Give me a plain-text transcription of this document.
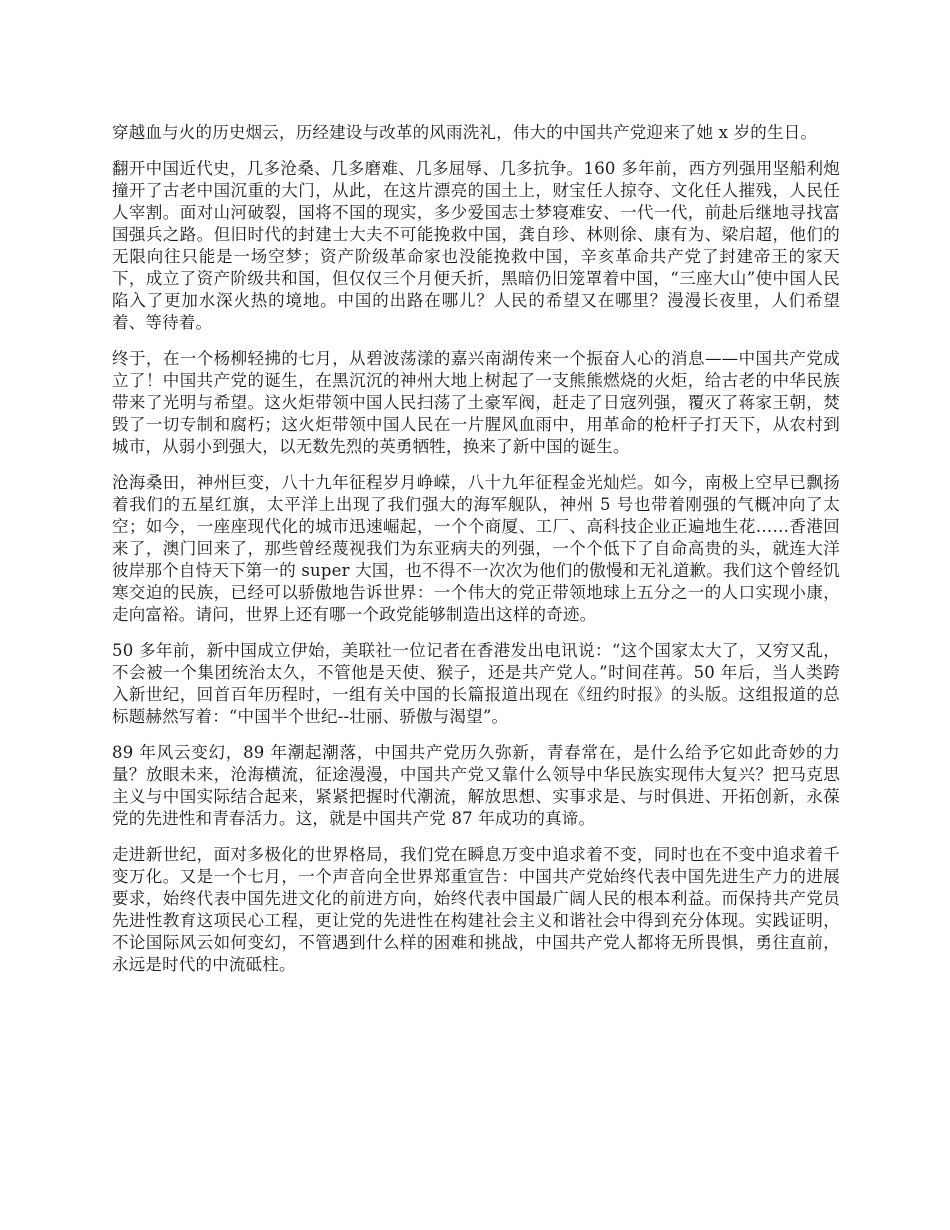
穿越血与火的历史烟云，历经建设与改革的风雨洗礼，伟大的中国共产党迎来了她 x 岁的生日。

翻开中国近代史，几多沧桑、几多磨难、几多屈辱、几多抗争。160 多年前，西方列强用坚船利炮撞开了古老中国沉重的大门，从此，在这片漂亮的国土上，财宝任人掠夺、文化任人摧残，人民任人宰割。面对山河破裂，国将不国的现实，多少爱国志士梦寝难安、一代一代，前赴后继地寻找富国强兵之路。但旧时代的封建士大夫不可能挽救中国，龚自珍、林则徐、康有为、梁启超，他们的无限向往只能是一场空梦；资产阶级革命家也没能挽救中国，辛亥革命共产党了封建帝王的家天下，成立了资产阶级共和国，但仅仅三个月便夭折，黑暗仍旧笼罩着中国，“三座大山”使中国人民陷入了更加水深火热的境地。中国的出路在哪儿？人民的希望又在哪里？漫漫长夜里，人们希望着、等待着。

终于，在一个杨柳轻拂的七月，从碧波荡漾的嘉兴南湖传来一个振奋人心的消息——中国共产党成立了！中国共产党的诞生，在黑沉沉的神州大地上树起了一支熊熊燃烧的火炬，给古老的中华民族带来了光明与希望。这火炬带领中国人民扫荡了土豪军阀，赶走了日寇列强，覆灭了蒋家王朝，焚毁了一切专制和腐朽；这火炬带领中国人民在一片腥风血雨中，用革命的枪杆子打天下，从农村到城市，从弱小到强大，以无数先烈的英勇牺牲，换来了新中国的诞生。

沧海桑田，神州巨变，八十九年征程岁月峥嵘，八十九年征程金光灿烂。如今，南极上空早已飘扬着我们的五星红旗，太平洋上出现了我们强大的海军舰队，神州 5 号也带着刚强的气概冲向了太空；如今，一座座现代化的城市迅速崛起，一个个商厦、工厂、高科技企业正遍地生花……香港回来了，澳门回来了，那些曾经蔑视我们为东亚病夫的列强，一个个低下了自命高贵的头，就连大洋彼岸那个自恃天下第一的 super 大国，也不得不一次次为他们的傲慢和无礼道歉。我们这个曾经饥寒交迫的民族，已经可以骄傲地告诉世界：一个伟大的党正带领地球上五分之一的人口实现小康，走向富裕。请问，世界上还有哪一个政党能够制造出这样的奇迹。

50 多年前，新中国成立伊始，美联社一位记者在香港发出电讯说：“这个国家太大了，又穷又乱，不会被一个集团统治太久，不管他是天使、猴子，还是共产党人。”时间荏苒。50 年后，当人类跨入新世纪，回首百年历程时，一组有关中国的长篇报道出现在《纽约时报》的头版。这组报道的总标题赫然写着：“中国半个世纪--壮丽、骄傲与渴望”。

89 年风云变幻，89 年潮起潮落，中国共产党历久弥新，青春常在，是什么给予它如此奇妙的力量？放眼未来，沧海横流，征途漫漫，中国共产党又靠什么领导中华民族实现伟大复兴？把马克思主义与中国实际结合起来，紧紧把握时代潮流，解放思想、实事求是、与时俱进、开拓创新，永葆党的先进性和青春活力。这，就是中国共产党 87 年成功的真谛。

走进新世纪，面对多极化的世界格局，我们党在瞬息万变中追求着不变，同时也在不变中追求着千变万化。又是一个七月，一个声音向全世界郑重宣告：中国共产党始终代表中国先进生产力的进展要求，始终代表中国先进文化的前进方向，始终代表中国最广阔人民的根本利益。而保持共产党员先进性教育这项民心工程，更让党的先进性在构建社会主义和谐社会中得到充分体现。实践证明，不论国际风云如何变幻，不管遇到什么样的困难和挑战，中国共产党人都将无所畏惧，勇往直前，永远是时代的中流砥柱。
